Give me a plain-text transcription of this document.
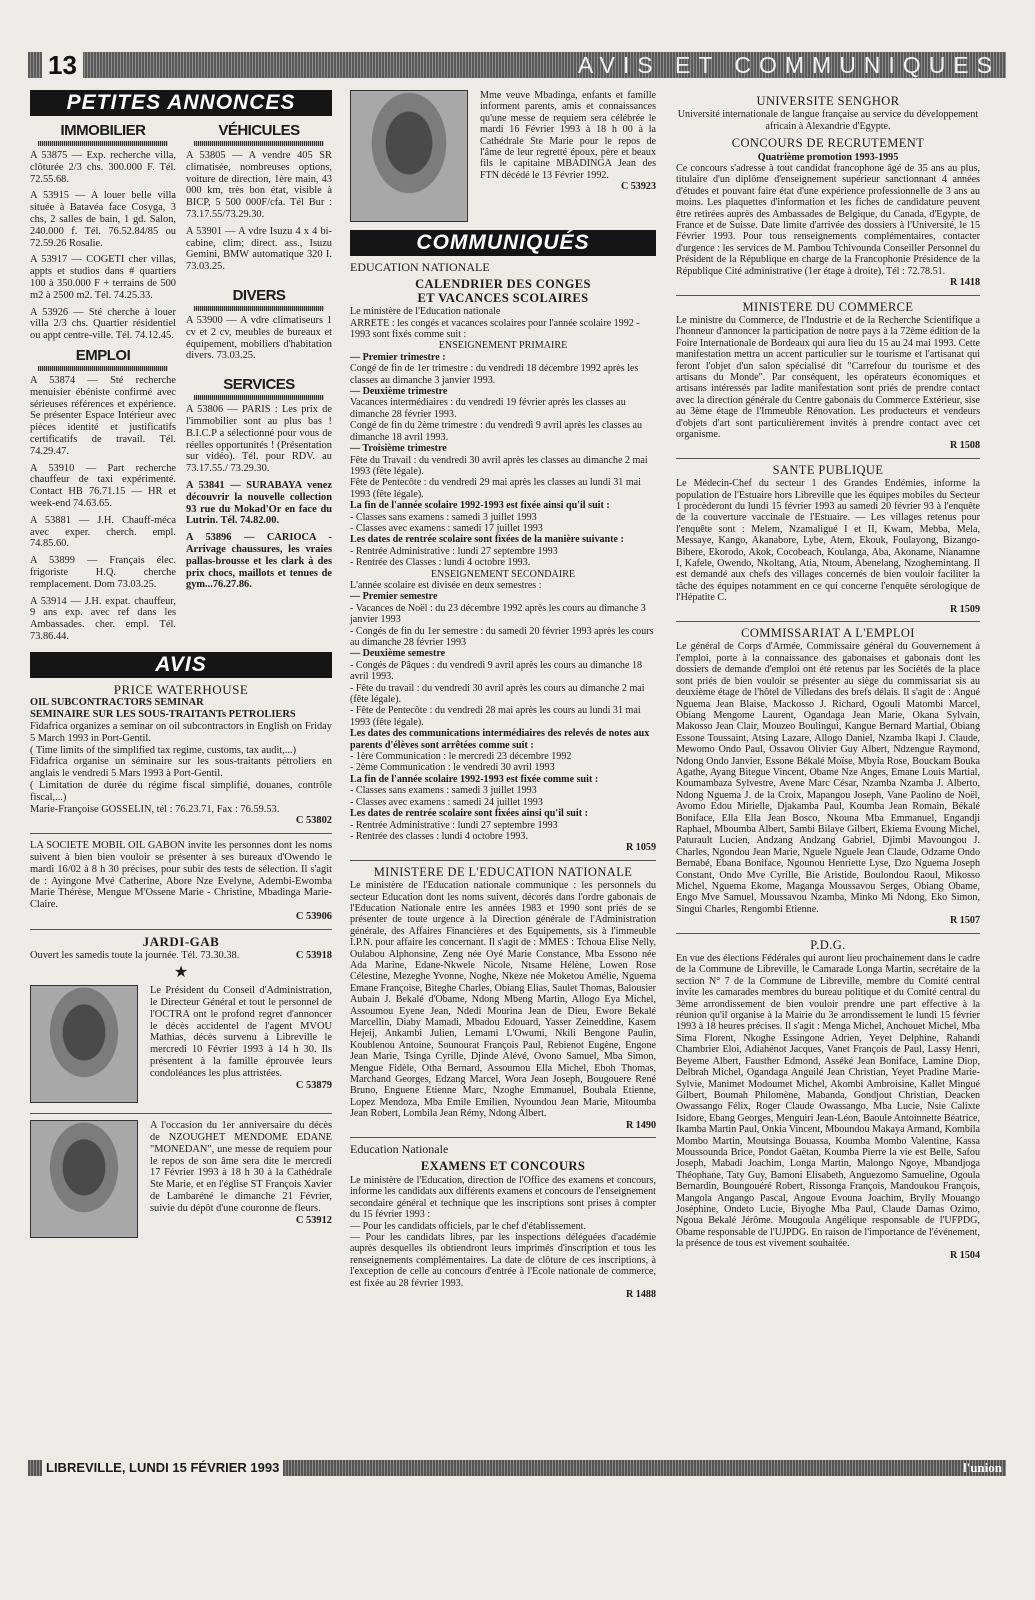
13	AVIS ET COMMUNIQUES
PETITES ANNONCES
IMMOBILIER
A 53875 — Exp. recherche villa, clôturée 2/3 chs. 300.000 F. Tél. 72.55.68.
A 53915 — A louer belle villa située à Batavéa face Cosyga, 3 chs, 2 salles de bain, 1 gd. Salon, 240.000 f. Tél. 76.52.84/85 ou 72.59.26 Rosalie.
A 53917 — COGETI cher villas, appts et studios dans # quartiers 100 à 350.000 F + terrains de 500 m2 à 2500 m2. Tél. 74.25.33.
A 53926 — Sté cherche à louer villa 2/3 chs. Quartier résidentiel ou appt centre-ville. Tél. 74.12.45.
EMPLOI
A 53874 — Sté recherche menuisier ébéniste confirmé avec sérieuses références et expérience. Se présenter Espace Intérieur avec pièces identité et justificatifs certificatifs de travail. Tél. 74.29.47.
A 53910 — Part recherche chauffeur de taxi expérimenté. Contact HB 76.71.15 — HR et week-end 74.63.65.
A 53881 — J.H. Chauff-méca avec exper. cherch. empl. 74.85.60.
A 53899 — Français élec. frigoriste H.Q. cherche remplacement. Dom 73.03.25.
A 53914 — J.H. expat. chauffeur, 9 ans exp. avec ref dans les Ambassades. cher. empl. Tél. 73.86.44.
VÉHICULES
A 53805 — A vendre 405 SR climatisée, nombreuses options, voiture de direction, 1ère main, 43 000 km, très bon état, visible à BICP, 5 500 000F/cfa. Tél Bur : 73.17.55/73.29.30.
A 53901 — A vdre Isuzu 4 x 4 bi-cabine, clim; direct. ass., Isuzu Gemini, BMW automatique 320 I. 73.03.25.
DIVERS
A 53900 — A vdre climatiseurs 1 cv et 2 cv, meubles de bureaux et équipement, mobiliers d'habitation divers. 73.03.25.
SERVICES
A 53806 — PARIS : Les prix de l'immobilier sont au plus bas ! B.I.C.P a sélectionné pour vous de réelles opportunités ! (Présentation sur vidéo). Tél. pour RDV. au 73.17.55./ 73.29.30.
A 53841 — SURABAYA venez découvrir la nouvelle collection 93 rue du Mokad'Or en face du Lutrin. Tél. 74.82.00.
A 53896 — CARIOCA - Arrivage chaussures, les vraies pallas-brousse et les clark à des prix chocs, maillots et tenues de gym...76.27.86.
AVIS
PRICE WATERHOUSE
OIL SUBCONTRACTORS SEMINAR
SEMINAIRE SUR LES SOUS-TRAITANTs PETROLIERS

Fidafrica organizes a seminar on oil subcontractors in English on Friday 5 March 1993 in Port-Gentil.

( Time limits of the simplified tax regime, customs, tax audit,...)

Fidafrica organise un séminaire sur les sous-traitants pétroliers en anglais le vendredi 5 Mars 1993 à Port-Gentil.

( Limitation de durée du régime fiscal simplifié, douanes, contrôle fiscal,...)

Marie-Françoise GOSSELIN, tél : 76.23.71, Fax : 76.59.53.

C 53802

LA SOCIETE MOBIL OIL GABON invite les personnes dont les noms suivent à bien bien vouloir se présenter à ses bureaux d'Owendo le mardi 16/02 à 8 h 30 précises, pour subir des tests de sélection. Il s'agit de : Ayingone Mvé Catherine, Abore Nze Evelyne, Adembi-Ewomba Marie Thérèse, Mengue M'Ossene Marie - Christine, Mbadinga Marie- Claire.

C 53906
JARDI-GAB
Ouvert les samedis toute la journée. Tél. 73.30.38.	C 53918
★

Le Président du Conseil d'Administration, le Directeur Général et tout le personnel de l'OCTRA ont le profond regret d'annoncer le décès accidentel de l'agent MVOU Mathias, décès survenu à Libreville le mercredi 10 Février 1993 à 14 h 30. Ils présentent à la famille éprouvée leurs condoléances les plus attristées.

C 53879

A l'occasion du 1er anniversaire du décès de NZOUGHET MENDOME EDANE "MONEDAN", une messe de requiem pour le repos de son âme sera dite le mercredi 17 Février 1993 à 18 h 30 à la Cathédrale Ste Marie, et en l'église ST François Xavier de Lambaréné le dimanche 21 Février, suivie du dépôt d'une couronne de fleurs.

C 53912

Mme veuve Mbadinga, enfants et famille informent parents, amis et connaissances qu'une messe de requiem sera célébrée le mardi 16 Février 1993 à 18 h 00 à la Cathédrale Ste Marie pour le repos de l'âme de leur regretté époux, père et beaux fils le capitaine MBADINGA Jean des FTN décédé le 13 Février 1992.

C 53923
COMMUNIQUÉS
EDUCATION NATIONALE
CALENDRIER DES CONGES
ET VACANCES SCOLAIRES
Le ministère de l'Education nationale
ARRETE : les congés et vacances scolaires pour l'année scolaire 1992 - 1993 sont fixés comme suit :
ENSEIGNEMENT PRIMAIRE
— Premier trimestre :
Congé de fin de 1er trimestre : du vendredi 18 décembre 1992 après les classes au dimanche 3 janvier 1993.
— Deuxième trimestre
Vacances intermédiaires : du vendredi 19 février après les classes au dimanche 28 février 1993.
Congé de fin du 2ème trimestre : du vendredi 9 avril après les classes au dimanche 18 avril 1993.
— Troisième trimestre
Fête du Travail : du vendredi 30 avril après les classes au dimanche 2 mai 1993 (fête légale).
Fête de Pentecôte : du vendredi 29 mai après les classes au lundi 31 mai 1993 (fête légale).
La fin de l'année scolaire 1992-1993 est fixée ainsi qu'il suit :
- Classes sans examens : samedi 3 juillet 1993
- Classes avec examens : samedi 17 juillet 1993
Les dates de rentrée scolaire sont fixées de la manière suivante :
- Rentrée Administrative : lundi 27 septembre 1993
- Rentrée des Classes : lundi 4 octobre 1993.
ENSEIGNEMENT SECONDAIRE
L'année scolaire est divisée en deux semestres :
— Premier semestre
- Vacances de Noël : du 23 décembre 1992 après les cours au dimanche 3 janvier 1993
- Congés de fin du 1er semestre : du samedi 20 février 1993 après les cours au dimanche 28 février 1993
— Deuxième semestre
- Congés de Pâques : du vendredi 9 avril après les cours au dimanche 18 avril 1993.
- Fête du travail : du vendredi 30 avril après les cours au dimanche 2 mai (fête légale).
- Fête de Pentecôte : du vendredi 28 mai après les cours au lundi 31 mai 1993 (fête légale).
Les dates des communications intermédiaires des relevés de notes aux parents d'élèves sont arrêtées comme suit :
- 1ère Communication : le mercredi 23 décembre 1992
- 2ème Communication : le vendredi 30 avril 1993
La fin de l'année scolaire 1992-1993 est fixée comme suit :
- Classes sans examens : samedi 3 juillet 1993
- Classes avec examens : samedi 24 juillet 1993
Les dates de rentrée scolaire sont fixées ainsi qu'il suit :
- Rentrée Administrative : lundi 27 septembre 1993
- Rentrée des classes : lundi 4 octobre 1993.
R 1059
MINISTERE DE L'EDUCATION NATIONALE

Le ministère de l'Education nationale communique : les personnels du secteur Education dont les noms suivent, décorés dans l'ordre gabonais de l'Education Nationale entre les années 1983 et 1990 sont priés de se présenter de toute urgence à la Direction générale de l'Administration générale, des Affaires Financières et des Equipements, sis à l'immeuble I.P.N. pour affaire les concernant. Il s'agit de : MMES : Tchoua Elise Nelly, Oulabou Alphonsine, Zeng née Oyé Marie Constance, Mba Essono née Ada Marine, Edane-Nkwele Nicole, Ntsame Hélène, Lowen Rose Célestine, Mezeghe Yvonne, Noghe, Nkeze née Moketou Amélie, Nguema Emane Françoise, Biteghe Charles, Obiang Elias, Saulet Thomas, Balousier Aubain J. Bekalé d'Obame, Ndong Mbeng Martin, Allogo Eya Michel, Assoumou Eyene Jean, Ndedi Mourina Jean de Dieu, Ewore Bekalé Marcellin, Diaby Mamadi, Mbadou Edouard, Yasser Zeineddine, Kasem Hejeij, Ankambi Julien, Lemami L'Owumi, Nkili Bengone Paulin, Koublenou Antoine, Sounourat François Paul, Rebienot Eugène, Engone Jean Marie, Tsinga Cyrille, Djinde Alévé, Ovono Samuel, Mba Simon, Mengue Fidèle, Otha Bernard, Assoumou Ella Michel, Eboh Thomas, Marchand Georges, Edzang Marcel, Wora Jean Joseph, Bougouere René Bruno, Enguene Etienne Marc, Nzoghe Emmanuel, Boubala Etienne, Lopez Mendoza, Mba Emile Emilien, Nyoundou Jean Marie, Mitoumba Jean Robert, Lombila Jean Rémy, Ndong Albert.

R 1490
Education Nationale
EXAMENS ET CONCOURS

Le ministère de l'Education, direction de l'Office des examens et concours, informe les candidats aux différents examens et concours de l'enseignement secondaire général et technique que les inscriptions sont prises à compter du 15 février 1993 :

— Pour les candidats officiels, par le chef d'établissement.

— Pour les candidats libres, par les inspections déléguées d'académie auprès desquelles ils obtiendront leurs imprimés d'inscription et tous les renseignements complémentaires. La date de clôture de ces inscriptions, à l'exception de celle au concours d'entrée à l'Ecole nationale de commerce, est fixée au 28 février 1993.

R 1488
UNIVERSITE SENGHOR

Université internationale de langue française au service du développement africain à Alexandrie d'Egypte.

CONCOURS DE RECRUTEMENT
Quatrième promotion 1993-1995

Ce concours s'adresse à tout candidat francophone âgé de 35 ans au plus, titulaire d'un diplôme d'enseignement supérieur sanctionnant 4 années d'études et pouvant faire état d'une expérience professionnelle de 3 ans au moins. Les plaquettes d'information et les fiches de candidature peuvent être retirées auprès des Ambassades de Belgique, du Canada, d'Egypte, de France et de Suisse. Date limite d'arrivée des dossiers à l'Université, le 15 Février 1993. Pour tous renseignements complémentaires, contacter d'urgence : les services de M. Pambou Tchivounda Conseiller Personnel du Président de la République en charge de la Francophonie Présidence de la République Cité administrative (1er étage à droite), Tél : 72.78.51.

R 1418
MINISTERE DU COMMERCE

Le ministre du Commerce, de l'Industrie et de la Recherche Scientifique a l'honneur d'annoncer la participation de notre pays à la 72ème édition de la Foire Internationale de Bordeaux qui aura lieu du 15 au 24 mai 1993. Cette manifestation mettra un accent particulier sur le tourisme et l'artisanat qui feront l'objet d'un salon spécialisé dit "Carrefour du tourisme et des artisans du Monde". Par conséquent, les opérateurs économiques et artisans intéressés par ladite manifestation sont priés de prendre contact avec la direction générale du Centre gabonais du Commerce Extérieur, sise au 3ème étage de l'Immeuble Rénovation. Les producteurs et vendeurs d'objets d'art sont particulièrement invités à prendre contact avec cet organisme.

R 1508
SANTE PUBLIQUE

Le Médecin-Chef du secteur 1 des Grandes Endémies, informe la population de l'Estuaire hors Libreville que les équipes mobiles du Secteur 1 procèderont du lundi 15 février 1993 au samedi 20 février 93 à l'enquête de la couverture vaccinale de l'Estuaire. — Les villages retenus pour l'enquête sont : Melem, Nzamaligué I et II, Kwam, Mebba, Mela, Messaye, Kango, Akanabore, Lybe, Atem, Ekouk, Foulayong, Bizango-Bibere, Ekorodo, Akok, Cocobeach, Koulanga, Aba, Akoname, Nianamne I, Kafele, Owendo, Nkoltang, Atia, Ntoum, Abenelang, Nzoghemintang. Il est demandé aux chefs des villages concernés de bien vouloir faciliter la tâche des équipes notamment en ce qui concerne l'enquête sérologique de l'Hépatite C.

R 1509
COMMISSARIAT A L'EMPLOI

Le général de Corps d'Armée, Commissaire général du Gouvernement à l'emploi, porte à la connaissance des gabonaises et gabonais dont les dossiers de demande d'emploi ont été retenus par les Sociétés de la place sont priés de bien vouloir se présenter au siège du commissariat sis au deuxième étage de l'hôtel de Villedans des brefs délais. Il s'agit de : Angué Nguema Jean Blaise, Mackosso J. Richard, Ogouli Matombi Marcel, Obiang Mengome Laurent, Ogandaga Jean Marie, Okana Sylvain, Makosso Jean Clair, Mouzeo Boulingui, Kangue Bernard Martial, Obiang Essone Toussaint, Atsing Lazare, Allogo Daniel, Nzamba Ikapi J. Claude, Mewomo Ondo Paul, Ossavou Olivier Guy Albert, Ndzengue Raymond, Ndong Ondo Janvier, Essone Békalé Moïse, Mbyia Rose, Bouckam Bouka Agathe, Ayang Bitegue Vincent, Obame Nze Anges, Emane Louis Martial, Koumambaza Sylvestre, Avene Marc César, Nzamba Nzamba J. Alberto, Ndong Nguema J. de la Croix, Mapangou Joseph, Vane Paolino de Noël, Avomo Edou Mirielle, Djakamba Paul, Koumba Jean Romain, Békalé Boniface, Ella Ella Jean Bosco, Nkouna Mba Emmanuel, Engandji Raphael, Mboumba Albert, Sambi Bilaye Gilbert, Ekiema Evoung Michel, Paturault Lucien, Andzang Andzang Gabriel, Djimbi Mavoungou J. Charles, Ngondou Jean Marie, Nguele Nguele Jean Claude, Odzame Ondo Bernabé, Ebana Boniface, Ngounou Henriette Lyse, Dzo Nguema Joseph Constant, Ondo Mve Cyrille, Bie Aristide, Boulondou Raoul, Mikosso Michel, Nguema Ekome, Maganga Moussavou Serges, Obiang Obame, Engo Mve Samuel, Moussavou Nzamba, Minko Mi Ndong, Eko Simon, Singui Charles, Rengombi Etienne.

R 1507
P.D.G.

En vue des élections Fédérales qui auront lieu prochainement dans le cadre de la Commune de Libreville, le Camarade Longa Martin, secrétaire de la section N° 7 de la Commune de Libreville, membre du Comité central invite les camarades membres du bureau politique et du Comité central du 3ème arrondissement de bien vouloir prendre une part effective à la réunion qu'il organise à la Mairie du 3e arrondissement le lundi 15 février 1993 à 18 heures précises. Il s'agit : Menga Michel, Anchouet Michel, Mba Sima Florent, Nkoghe Essingone Adrien, Yeyet Delphine, Rahandi Chambrier Eloi, Adiahénot Jacques, Vanet François de Paul, Lassy Henri, Beyeme Albert, Fausther Edmond, Asséké Jean Boniface, Lamine Diop, Delbrah Michel, Ogandaga Anguilé Jean Christian, Yeyet Pradine Marie-Sylvie, Manimet Modoumet Michel, Akombi Ambroisine, Kallet Mingué Gilbert, Boumah Philomène, Mabanda, Gondjout Christian, Deacken Owassango Félix, Roger Claude Owassango, Mba Lucie, Nsie Calixte Isidore, Ebang Georges, Menguiri Jean-Léon, Baoule Antoinnette Béatrice, Ikamba Martin Paul, Onkia Vincent, Mboundou Makaya Armand, Kombila Mombo Martin, Moutsinga Bouassa, Koumba Mombo Valentine, Kassa Moussounda Brice, Pondot Gaëtan, Koumba Pierre la vie est Belle, Safou Joseph, Mabadi Joachim, Longa Martin, Malongo Ngoye, Mbandjoga Théophane, Taty Guy, Bamoni Elisabeth, Anguezomo Samueline, Ogoula Bernardin, Boungouéré Robert, Rissonga François, Mandoukou François, Mangola Angango Pascal, Angoue Evouna Joachim, Brylly Mouango Joséphine, Ondeto Lucie, Biyoghe Mba Paul, Claude Damas Ozimo, Ngoua Bekalé Jérôme. Mougoula Angélique responsable de l'UFPDG, Obame responsable de l'UJPDG. En raison de l'importance de l'événement, la présence de tous est vivement souhaitée.

R 1504
LIBREVILLE, LUNDI 15 FÉVRIER 1993	l'union
